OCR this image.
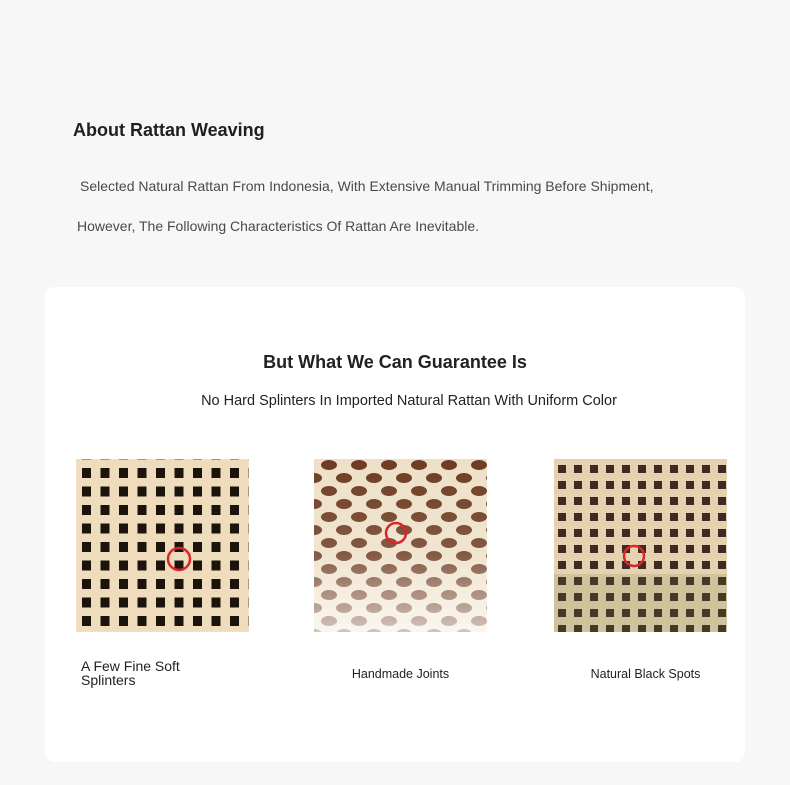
About Rattan Weaving

Selected Natural Rattan From Indonesia, With Extensive Manual Trimming Before Shipment,

However, The Following Characteristics Of Rattan Are Inevitable.

But What We Can Guarantee Is

No Hard Splinters In Imported Natural Rattan With Uniform Color

A Few Fine Soft Splinters	Handmade Joints	Natural Black Spots
